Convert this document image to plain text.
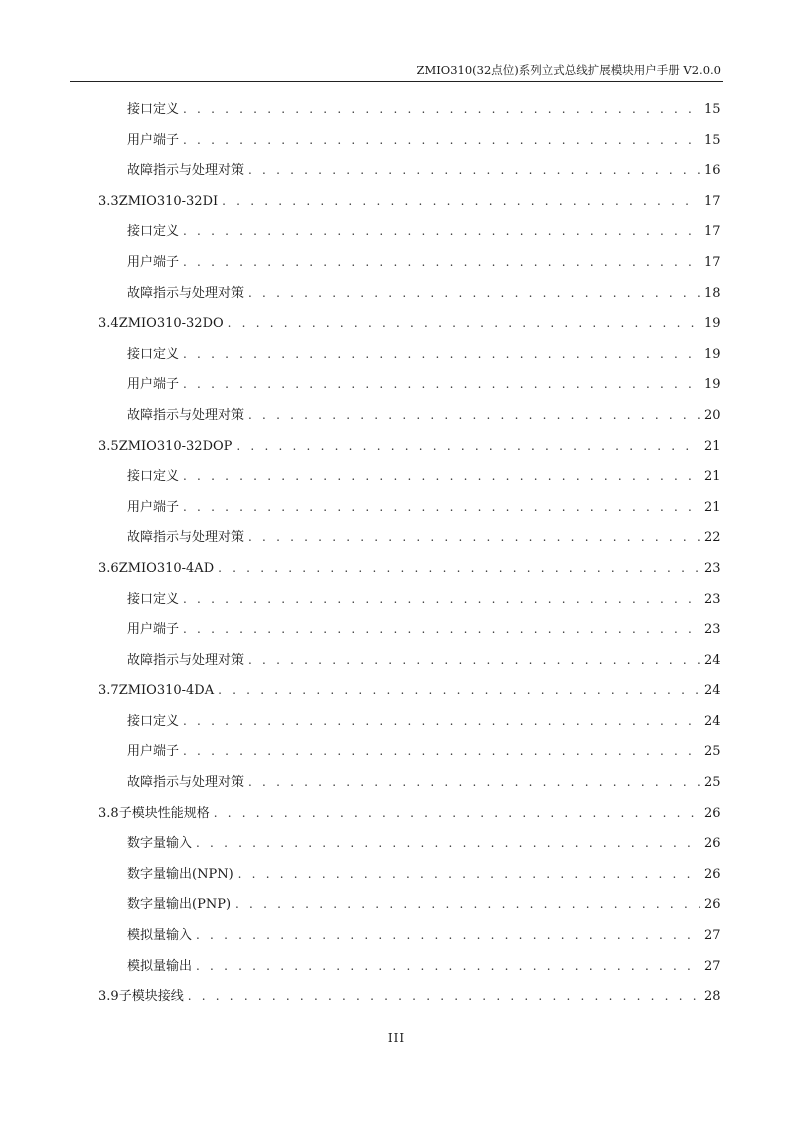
ZMIO310(32点位)系列立式总线扩展模块用户手册 V2.0.0
接口定义 . . .	15
用户端子 . . .	15
故障指示与处理对策 . . .	16
3.3 ZMIO310-32DI . . .	17
接口定义 . . .	17
用户端子 . . .	17
故障指示与处理对策 . . .	18
3.4 ZMIO310-32DO . . .	19
接口定义 . . .	19
用户端子 . . .	19
故障指示与处理对策 . . .	20
3.5 ZMIO310-32DOP . . .	21
接口定义 . . .	21
用户端子 . . .	21
故障指示与处理对策 . . .	22
3.6 ZMIO310-4AD . . .	23
接口定义 . . .	23
用户端子 . . .	23
故障指示与处理对策 . . .	24
3.7 ZMIO310-4DA . . .	24
接口定义 . . .	24
用户端子 . . .	25
故障指示与处理对策 . . .	25
3.8 子模块性能规格 . . .	26
数字量输入 . . .	26
数字量输出(NPN) . . .	26
数字量输出(PNP) . . .	26
模拟量输入 . . .	27
模拟量输出 . . .	27
3.9 子模块接线 . . .	28
III
